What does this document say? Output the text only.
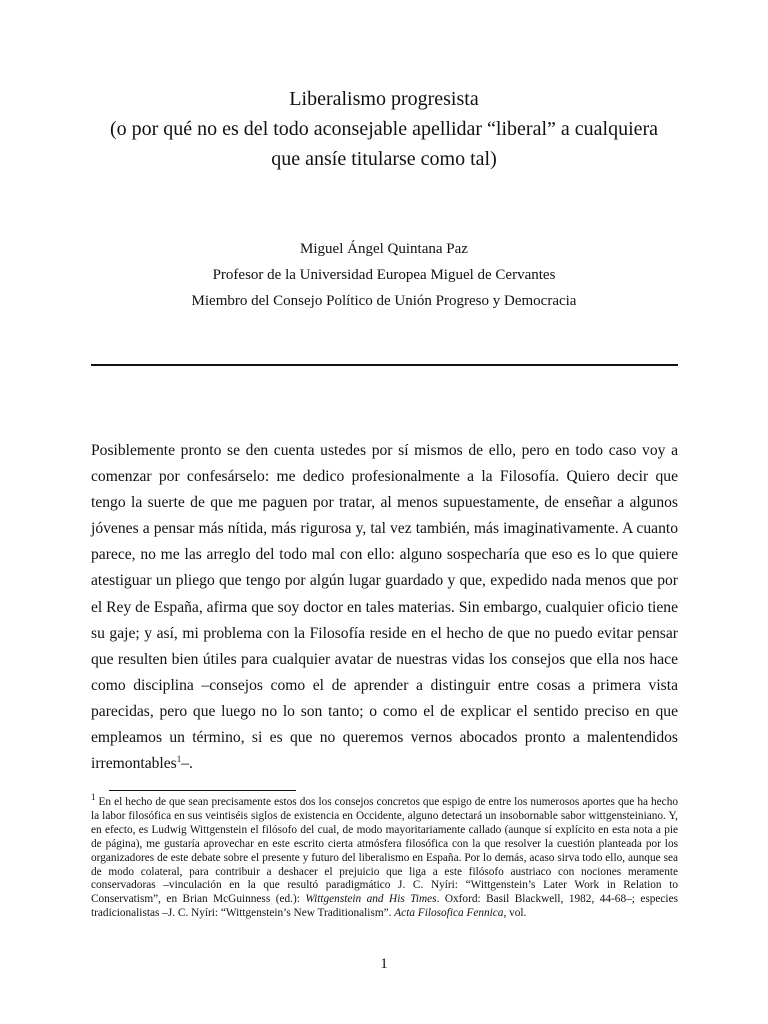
Liberalismo progresista

(o por qué no es del todo aconsejable apellidar “liberal” a cualquiera

que ansíe titularse como tal)

Miguel Ángel Quintana Paz

Profesor de la Universidad Europea Miguel de Cervantes

Miembro del Consejo Político de Unión Progreso y Democracia

Posiblemente pronto se den cuenta ustedes por sí mismos de ello, pero en todo caso voy a comenzar por confesárselo: me dedico profesionalmente a la Filosofía. Quiero decir que tengo la suerte de que me paguen por tratar, al menos supuestamente, de enseñar a algunos jóvenes a pensar más nítida, más rigurosa y, tal vez también, más imaginativamente. A cuanto parece, no me las arreglo del todo mal con ello: alguno sospecharía que eso es lo que quiere atestiguar un pliego que tengo por algún lugar guardado y que, expedido nada menos que por el Rey de España, afirma que soy doctor en tales materias. Sin embargo, cualquier oficio tiene su gaje; y así, mi problema con la Filosofía reside en el hecho de que no puedo evitar pensar que resulten bien útiles para cualquier avatar de nuestras vidas los consejos que ella nos hace como disciplina –consejos como el de aprender a distinguir entre cosas a primera vista parecidas, pero que luego no lo son tanto; o como el de explicar el sentido preciso en que empleamos un término, si es que no queremos vernos abocados pronto a malentendidos irremontables$^1$–.

$^1$ En el hecho de que sean precisamente estos dos los consejos concretos que espigo de entre los numerosos aportes que ha hecho la labor filosófica en sus veintiséis siglos de existencia en Occidente, alguno detectará un insobornable sabor wittgensteiniano. Y, en efecto, es Ludwig Wittgenstein el filósofo del cual, de modo mayoritariamente callado (aunque sí explícito en esta nota a pie de página), me gustaría aprovechar en este escrito cierta atmósfera filosófica con la que resolver la cuestión planteada por los organizadores de este debate sobre el presente y futuro del liberalismo en España. Por lo demás, acaso sirva todo ello, aunque sea de modo colateral, para contribuir a deshacer el prejuicio que liga a este filósofo austriaco con nociones meramente conservadoras –vinculación en la que resultó paradigmático J. C. Nyíri: “Wittgenstein’s Later Work in Relation to Conservatism”, en Brian McGuinness (ed.): Wittgenstein and His Times. Oxford: Basil Blackwell, 1982, 44-68–; especies tradicionalistas –J. C. Nyíri: “Wittgenstein’s New Traditionalism”. Acta Filosofica Fennica, vol.

1
